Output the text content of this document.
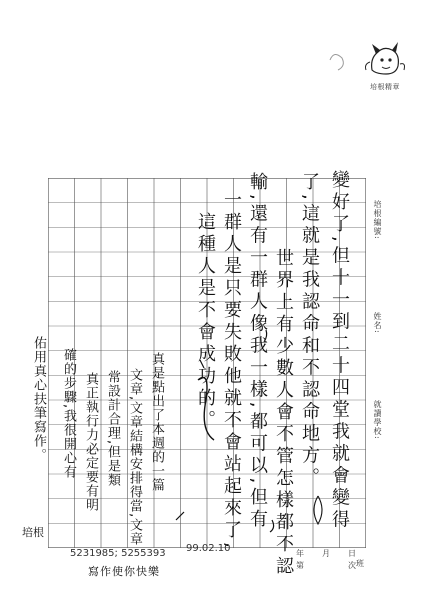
培根精章
培根編號:
姓名:
就讀學校:
年 月 日
第	次 班
變好了,但十一到二十四堂我就會變得
了,這就是我認命和不認命地方。
世界上有少數人會不管怎樣都不認
輸,還有一群人像我一樣,都可以,但有
一群人是只要失敗他就不會站起來了,
這種人是不會成功的。
真是點出了本週的一篇
文章,文章結構安排得當,文章
常設計合理,但是類
真正執行力必定要有明
確的步驟,我很開心有
佑用真心扶筆寫作。
培根
5231985; 5255393
寫作使你快樂
99.02.10
